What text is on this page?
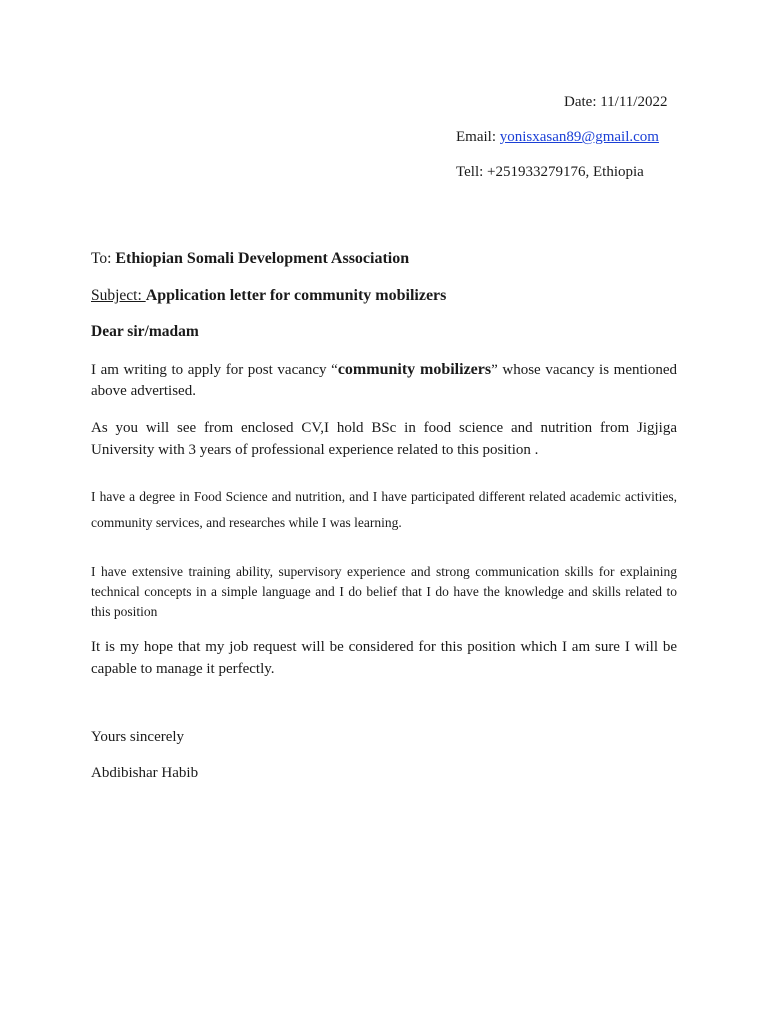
Date: 11/11/2022
Email: yonisxasan89@gmail.com
Tell: +251933279176, Ethiopia
To: Ethiopian Somali Development Association
Subject: Application letter for community mobilizers
Dear sir/madam
I am writing to apply for post vacancy “community mobilizers” whose vacancy is mentioned above advertised.
As you will see from enclosed CV,I hold BSc in food science and nutrition from Jigjiga University with 3 years of professional experience related to this position .
I have a degree in Food Science and nutrition, and I have participated different related academic activities, community services, and researches while I was learning.
I have extensive training ability, supervisory experience and strong communication skills for explaining technical concepts in a simple language and I do belief that I do have the knowledge and skills related to this position
It is my hope that my job request will be considered for this position which I am sure I will be capable to manage it perfectly.
Yours sincerely
Abdibishar Habib
